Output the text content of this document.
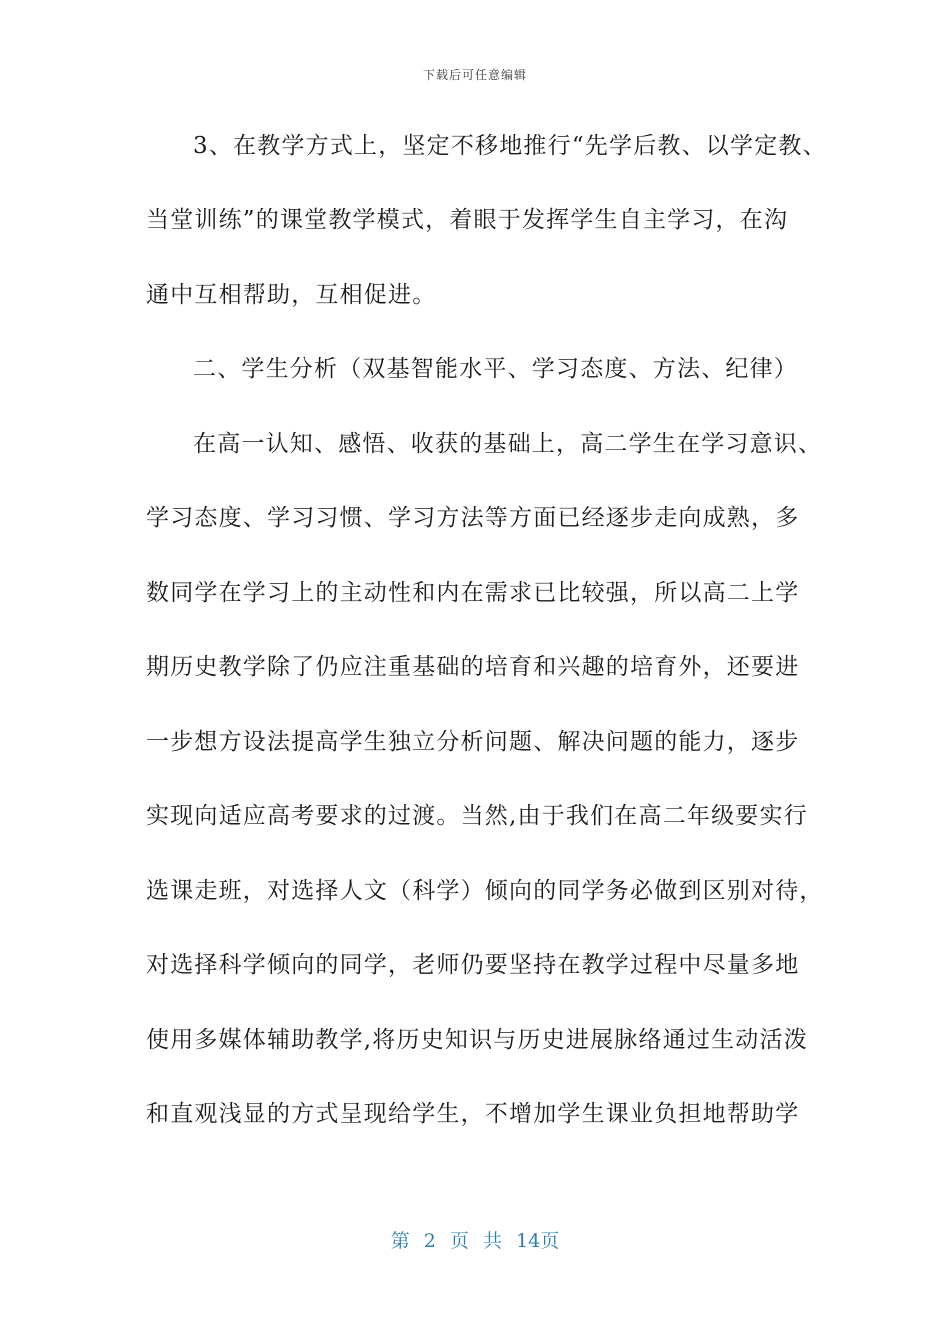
下载后可任意编辑
3、在教学方式上，坚定不移地推行“先学后教、以学定教、
当堂训练”的课堂教学模式，着眼于发挥学生自主学习，在沟
通中互相帮助，互相促进。
二、学生分析（双基智能水平、学习态度、方法、纪律）
在高一认知、感悟、收获的基础上，高二学生在学习意识、
学习态度、学习习惯、学习方法等方面已经逐步走向成熟，多
数同学在学习上的主动性和内在需求已比较强，所以高二上学
期历史教学除了仍应注重基础的培育和兴趣的培育外，还要进
一步想方设法提高学生独立分析问题、解决问题的能力，逐步
实现向适应高考要求的过渡。当然,由于我们在高二年级要实行
选课走班，对选择人文（科学）倾向的同学务必做到区别对待，
对选择科学倾向的同学，老师仍要坚持在教学过程中尽量多地
使用多媒体辅助教学,将历史知识与历史进展脉络通过生动活泼
和直观浅显的方式呈现给学生，不增加学生课业负担地帮助学
第 2 页 共 14页
